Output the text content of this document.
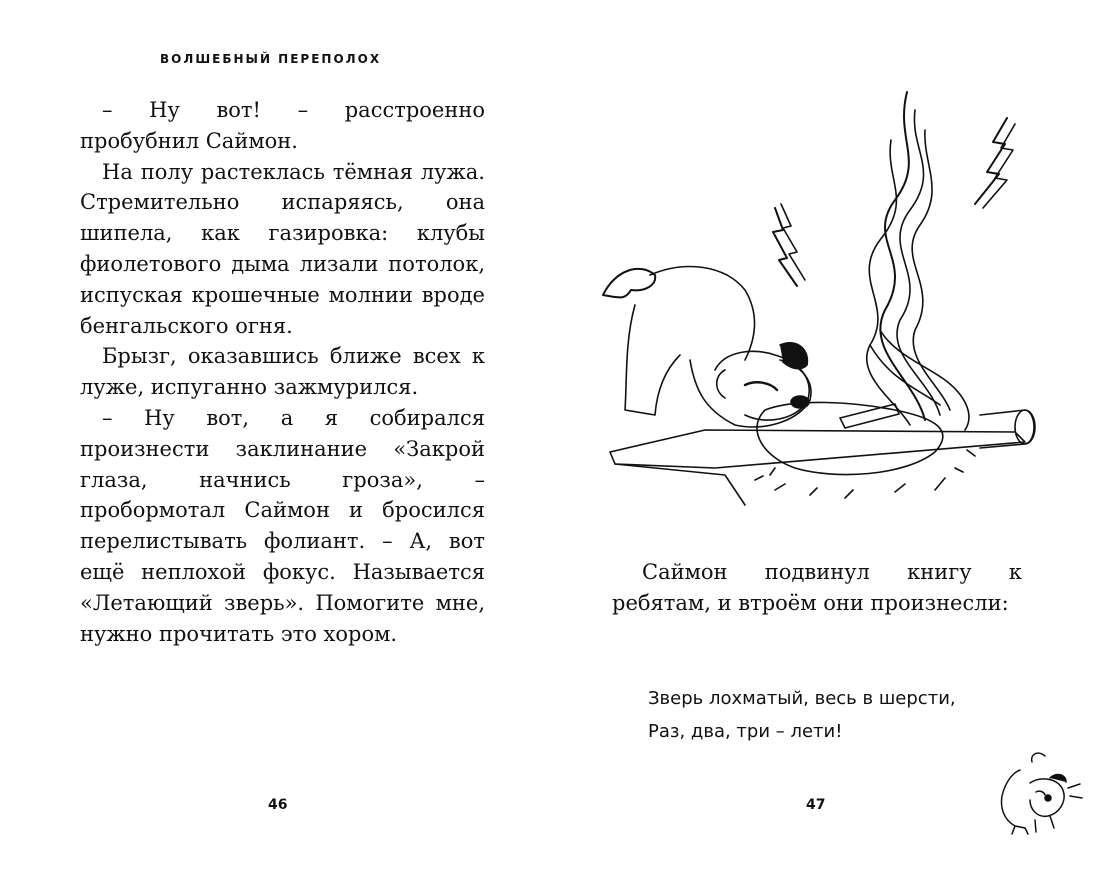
ВОЛШЕБНЫЙ ПЕРЕПОЛОХ

– Ну вот! – расстроенно пробубнил Саймон.

На полу растеклась тёмная лужа. Стремительно испаряясь, она шипела, как газировка: клубы фиолетового дыма лизали потолок, испуская крошечные молнии вроде бенгальского огня.

Брызг, оказавшись ближе всех к луже, испуганно зажмурился.

– Ну вот, а я собирался произнести заклинание «Закрой глаза, начнись гроза», – пробормотал Саймон и бросился перелистывать фолиант. – А, вот ещё неплохой фокус. Называется «Летающий зверь». Помогите мне, нужно прочитать это хором.

46

Саймон подвинул книгу к ребятам, и втроём они произнесли:

Зверь лохматый, весь в шерсти,
Раз, два, три – лети!
47
